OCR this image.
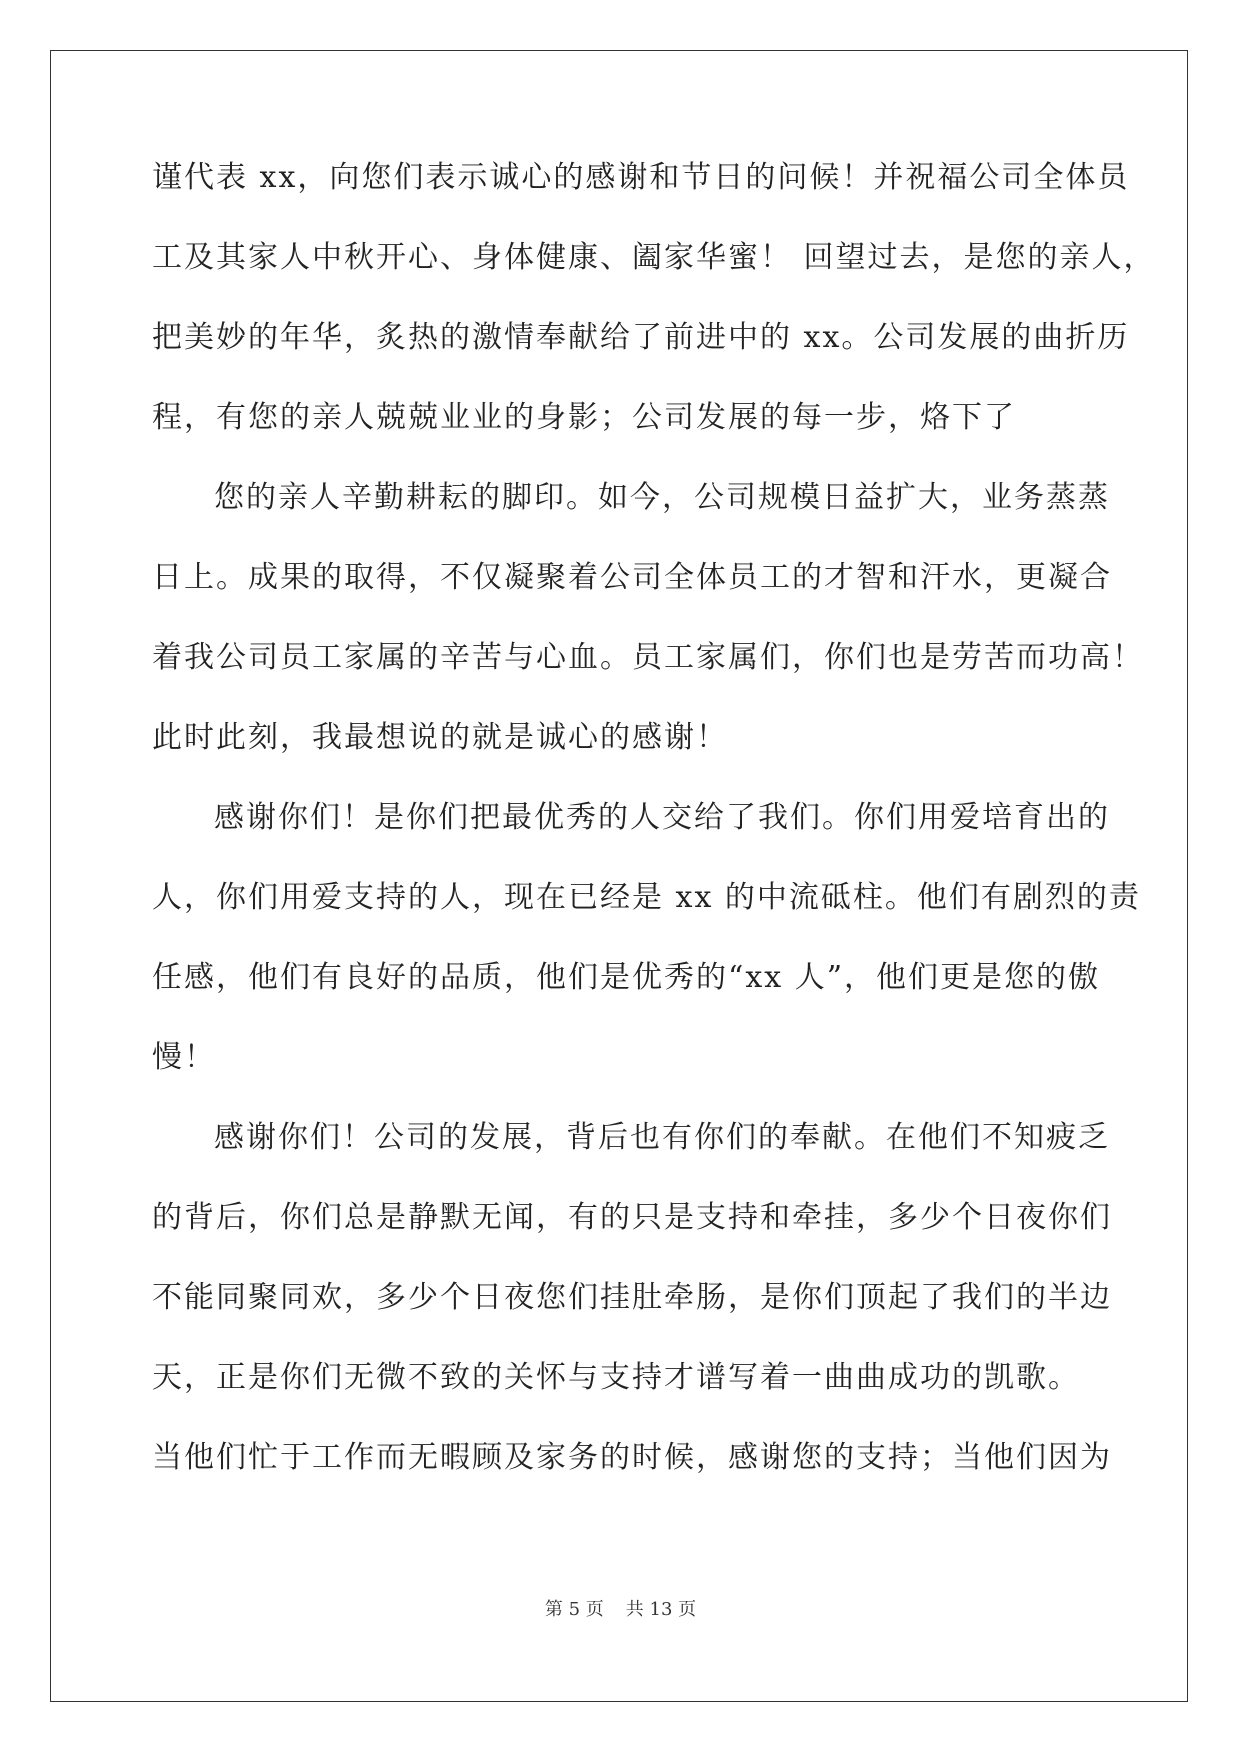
谨代表 xx，向您们表示诚心的感谢和节日的问候！并祝福公司全体员
工及其家人中秋开心、身体健康、阖家华蜜！ 回望过去，是您的亲人，
把美妙的年华，炙热的激情奉献给了前进中的 xx。公司发展的曲折历
程，有您的亲人兢兢业业的身影；公司发展的每一步，烙下了
您的亲人辛勤耕耘的脚印。如今，公司规模日益扩大，业务蒸蒸
日上。成果的取得，不仅凝聚着公司全体员工的才智和汗水，更凝合
着我公司员工家属的辛苦与心血。员工家属们，你们也是劳苦而功高！
此时此刻，我最想说的就是诚心的感谢！
感谢你们！是你们把最优秀的人交给了我们。你们用爱培育出的
人，你们用爱支持的人，现在已经是 xx 的中流砥柱。他们有剧烈的责
任感，他们有良好的品质，他们是优秀的“xx 人”，他们更是您的傲
慢！
感谢你们！公司的发展，背后也有你们的奉献。在他们不知疲乏
的背后，你们总是静默无闻，有的只是支持和牵挂，多少个日夜你们
不能同聚同欢，多少个日夜您们挂肚牵肠，是你们顶起了我们的半边
天，正是你们无微不致的关怀与支持才谱写着一曲曲成功的凯歌。
当他们忙于工作而无暇顾及家务的时候，感谢您的支持；当他们因为
第 5 页 共 13 页
